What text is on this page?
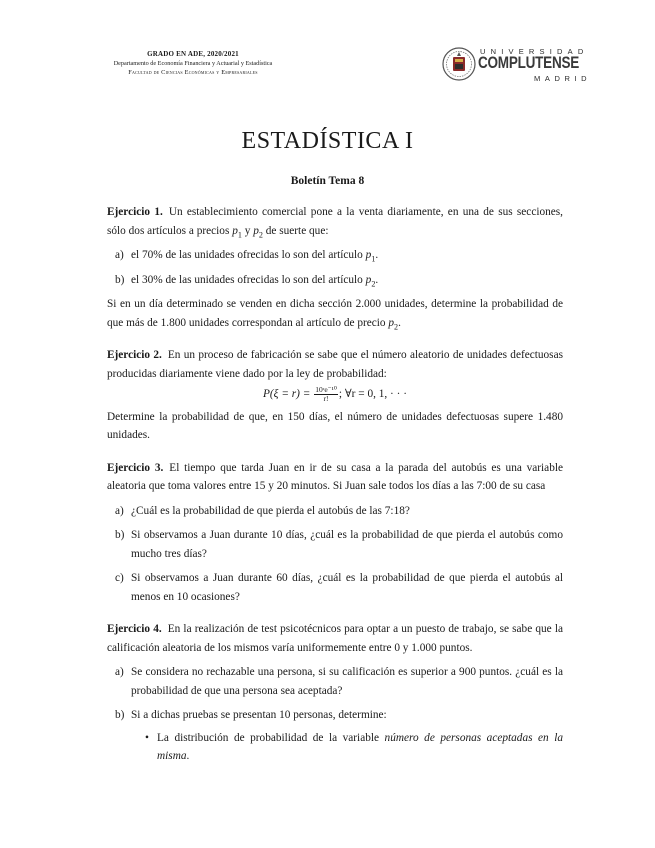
GRADO EN ADE, 2020/2021
Departamento de Economía Financiera y Actuarial y Estadística
Facultad de Ciencias Económicas y Empresariales
UNIVERSIDAD
COMPLUTENSE
MADRID
ESTADÍSTICA I
Boletín Tema 8

Ejercicio 1. Un establecimiento comercial pone a la venta diariamente, en una de sus secciones, sólo dos artículos a precios $p_1$ y $p_2$ de suerte que:

a) el 70% de las unidades ofrecidas lo son del artículo $p_1$.
b) el 30% de las unidades ofrecidas lo son del artículo $p_2$.

Si en un día determinado se venden en dicha sección 2.000 unidades, determine la probabilidad de que más de 1.800 unidades correspondan al artículo de precio $p_2$.

Ejercicio 2. En un proceso de fabricación se sabe que el número aleatorio de unidades defectuosas producidas diariamente viene dado por la ley de probabilidad:

$P(\xi = r) = \frac{\text{10ʳe⁻¹⁰}}{r!}$ ; ∀r = 0, 1, · · ·

Determine la probabilidad de que, en 150 días, el número de unidades defectuosas supere 1.480 unidades.

Ejercicio 3. El tiempo que tarda Juan en ir de su casa a la parada del autobús es una variable aleatoria que toma valores entre 15 y 20 minutos. Si Juan sale todos los días a las 7:00 de su casa

a) ¿Cuál es la probabilidad de que pierda el autobús de las 7:18?
b) Si observamos a Juan durante 10 días, ¿cuál es la probabilidad de que pierda el autobús como mucho tres días?
c) Si observamos a Juan durante 60 días, ¿cuál es la probabilidad de que pierda el autobús al menos en 10 ocasiones?

Ejercicio 4. En la realización de test psicotécnicos para optar a un puesto de trabajo, se sabe que la calificación aleatoria de los mismos varía uniformemente entre 0 y 1.000 puntos.

a) Se considera no rechazable una persona, si su calificación es superior a 900 puntos. ¿cuál es la probabilidad de que una persona sea aceptada?
b) Si a dichas pruebas se presentan 10 personas, determine:
• La distribución de probabilidad de la variable número de personas aceptadas en la misma.
